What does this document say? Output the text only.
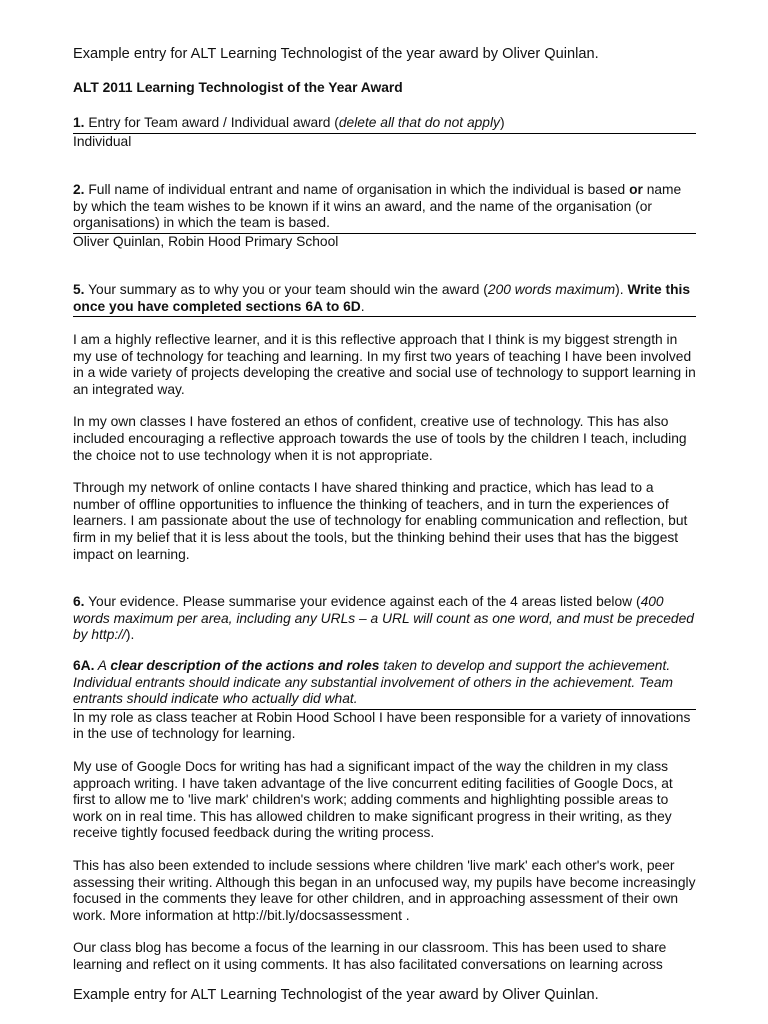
Example entry for ALT Learning Technologist of the year award by Oliver Quinlan.
ALT 2011 Learning Technologist of the Year Award
1. Entry for Team award / Individual award (delete all that do not apply)
Individual
2. Full name of individual entrant and name of organisation in which the individual is based or name by which the team wishes to be known if it wins an award, and the name of the organisation (or organisations) in which the team is based.
Oliver Quinlan, Robin Hood Primary School
5. Your summary as to why you or your team should win the award (200 words maximum). Write this once you have completed sections 6A to 6D.

I am a highly reflective learner, and it is this reflective approach that I think is my biggest strength in my use of technology for teaching and learning. In my first two years of teaching I have been involved in a wide variety of projects developing the creative and social use of technology to support learning in an integrated way.

In my own classes I have fostered an ethos of confident, creative use of technology. This has also included encouraging a reflective approach towards the use of tools by the children I teach, including the choice not to use technology when it is not appropriate.

Through my network of online contacts I have shared thinking and practice, which has lead to a number of offline opportunities to influence the thinking of teachers, and in turn the experiences of learners. I am passionate about the use of technology for enabling communication and reflection, but firm in my belief that it is less about the tools, but the thinking behind their uses that has the biggest impact on learning.

6. Your evidence. Please summarise your evidence against each of the 4 areas listed below (400 words maximum per area, including any URLs – a URL will count as one word, and must be preceded by http://).
6A. A clear description of the actions and roles taken to develop and support the achievement. Individual entrants should indicate any substantial involvement of others in the achievement. Team entrants should indicate who actually did what.

In my role as class teacher at Robin Hood School I have been responsible for a variety of innovations in the use of technology for learning.

My use of Google Docs for writing has had a significant impact of the way the children in my class approach writing. I have taken advantage of the live concurrent editing facilities of Google Docs, at first to allow me to 'live mark' children's work; adding comments and highlighting possible areas to work on in real time. This has allowed children to make significant progress in their writing, as they receive tightly focused feedback during the writing process.

This has also been extended to include sessions where children 'live mark' each other's work, peer assessing their writing. Although this began in an unfocused way, my pupils have become increasingly focused in the comments they leave for other children, and in approaching assessment of their own work. More information at http://bit.ly/docsassessment .

Our class blog has become a focus of the learning in our classroom. This has been used to share learning and reflect on it using comments. It has also facilitated conversations on learning across

Example entry for ALT Learning Technologist of the year award by Oliver Quinlan.
